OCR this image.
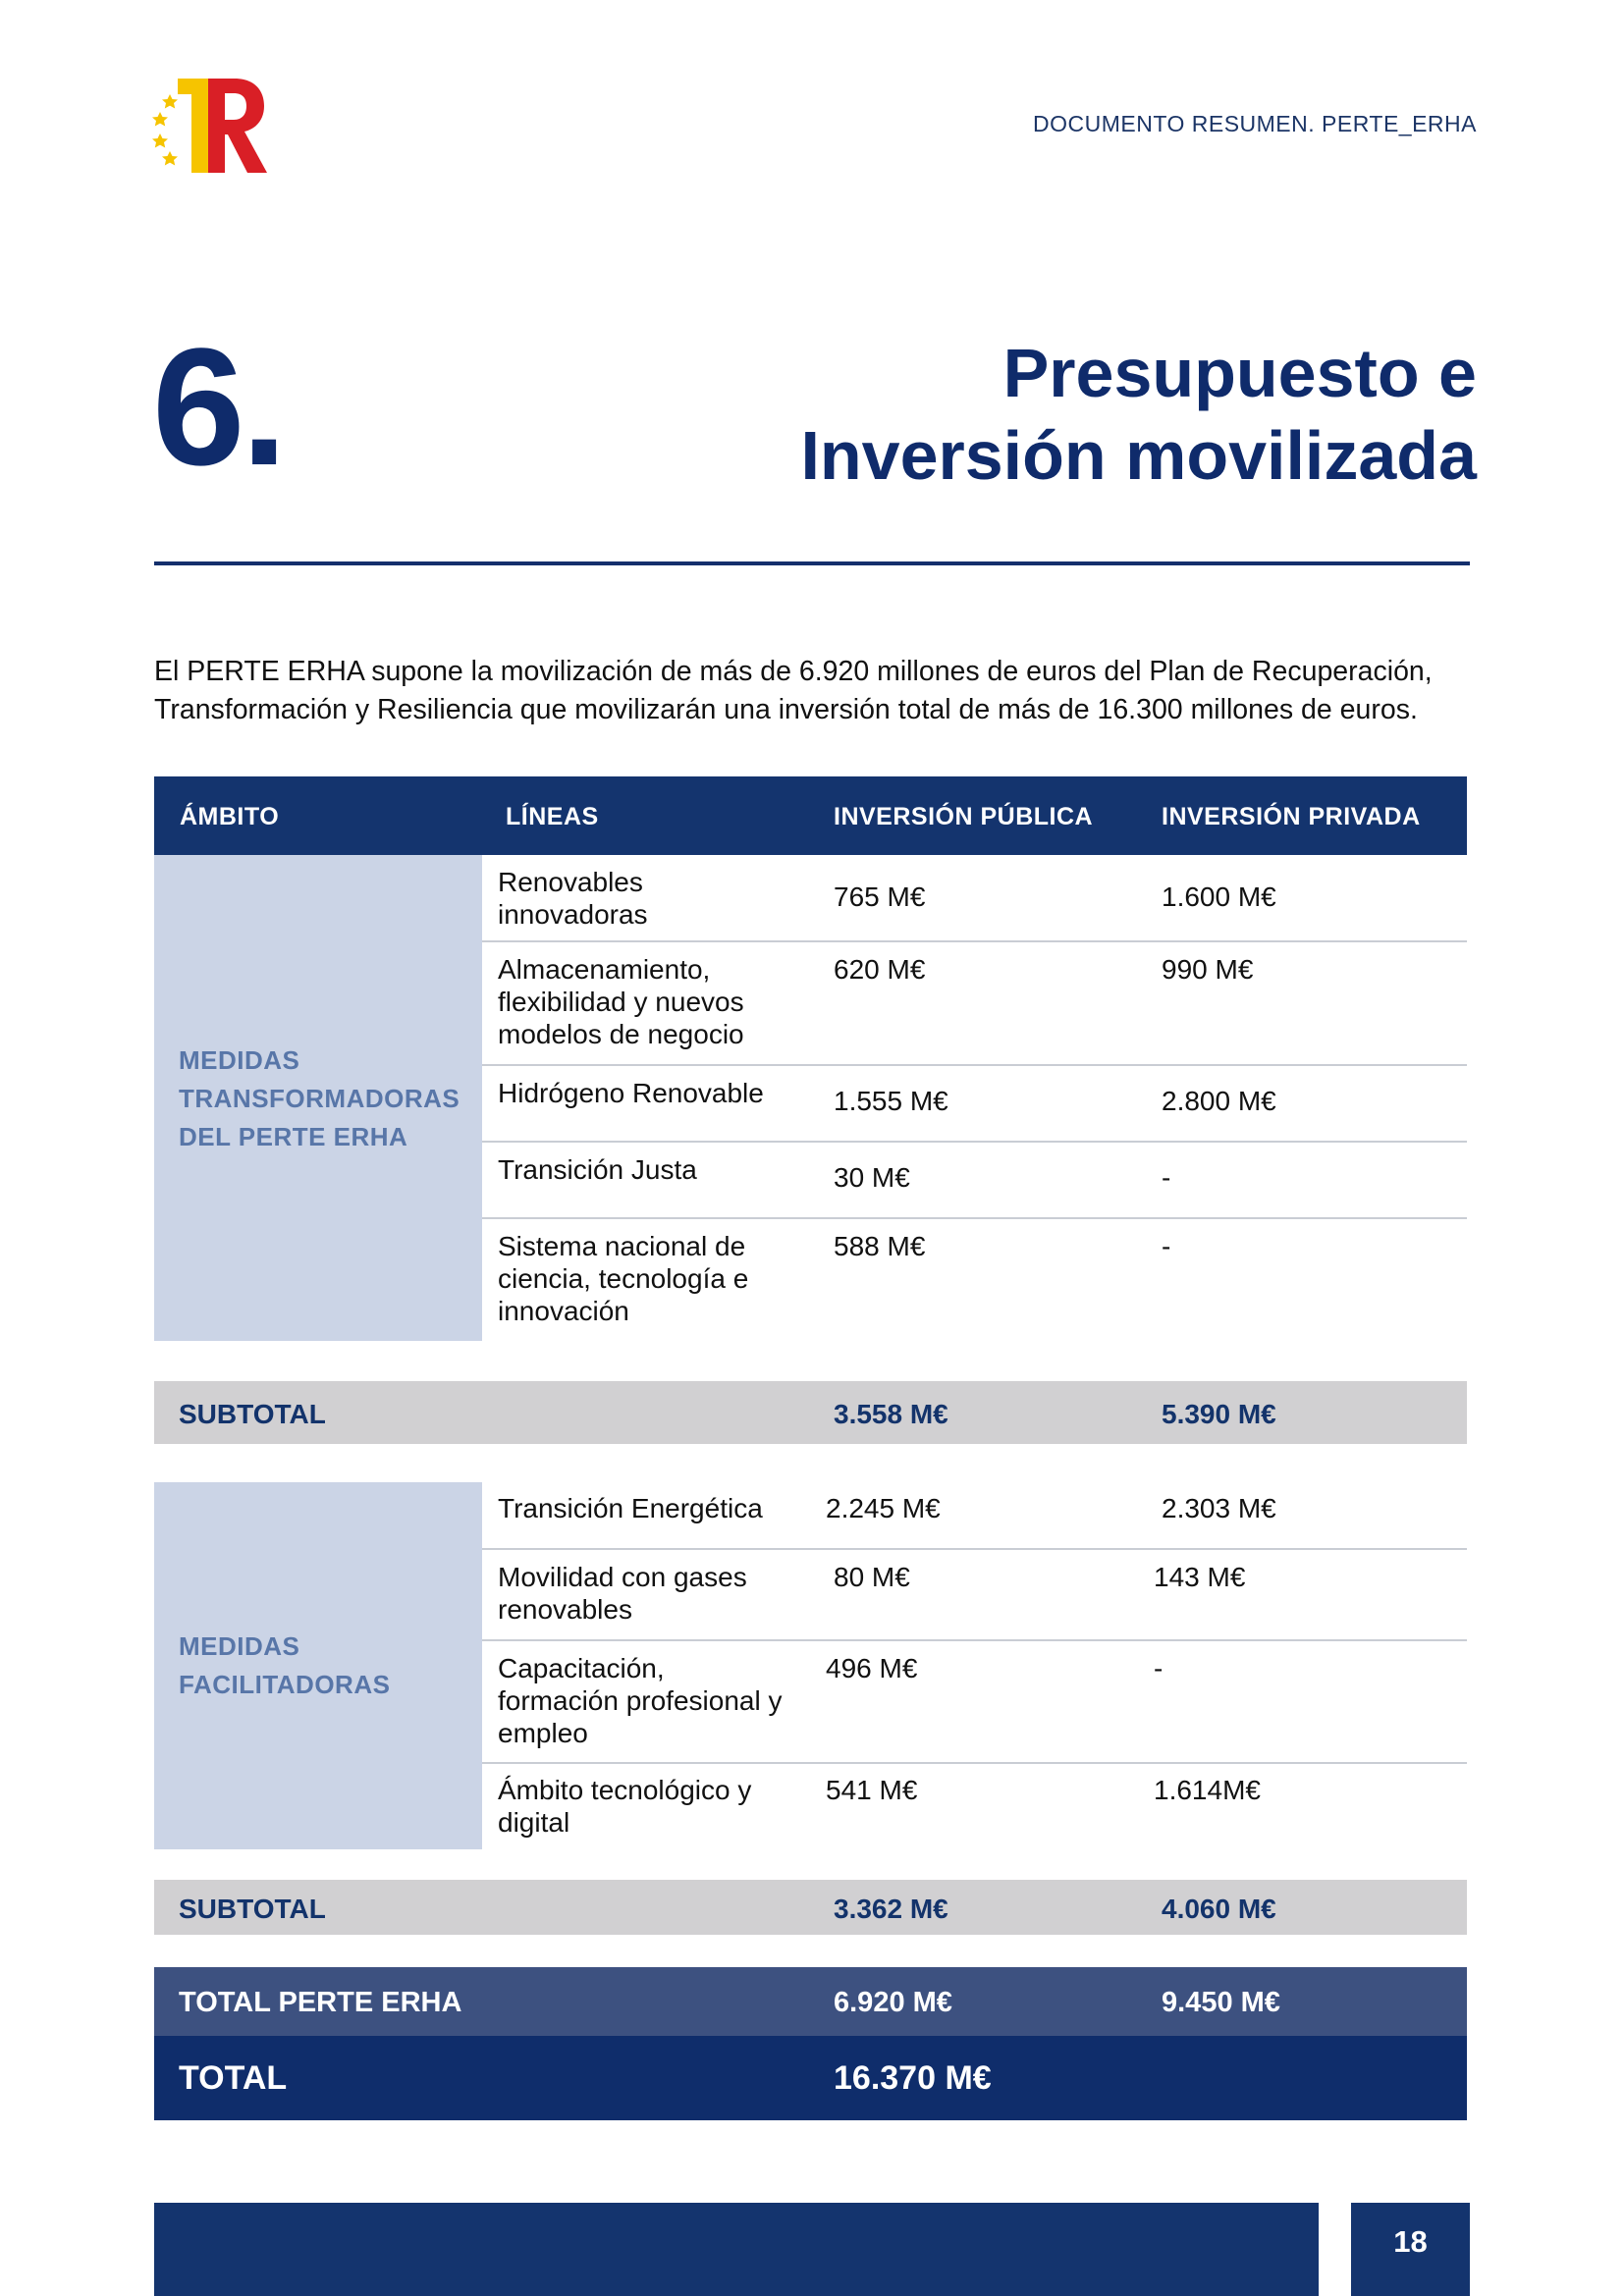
DOCUMENTO RESUMEN. PERTE_ERHA
6.	Presupuesto e
Inversión movilizada
El PERTE ERHA supone la movilización de más de 6.920 millones de euros del Plan de Recuperación,
Transformación y Resiliencia que movilizarán una inversión total de más de 16.300 millones de euros.
ÁMBITO	LÍNEAS	INVERSIÓN PÚBLICA	INVERSIÓN PRIVADA
MEDIDAS
TRANSFORMADORAS
DEL PERTE ERHA
Renovables
innovadoras
765 M€	1.600 M€
Almacenamiento,
flexibilidad y nuevos
modelos de negocio
620 M€	990 M€
Hidrógeno Renovable	1.555 M€	2.800 M€
Transición Justa	30 M€	-
Sistema nacional de
ciencia, tecnología e
innovación
588 M€	-
SUBTOTAL	3.558 M€	5.390 M€
MEDIDAS
FACILITADORAS
Transición Energética 2.245 M€	2.303 M€
Movilidad con gases
renovables
80 M€	143 M€
Capacitación,
formación profesional y
empleo
496 M€	-
Ámbito tecnológico y
digital
541 M€	1.614M€
SUBTOTAL	3.362 M€	4.060 M€
TOTAL PERTE ERHA	6.920 M€	9.450 M€
TOTAL	16.370 M€
18
